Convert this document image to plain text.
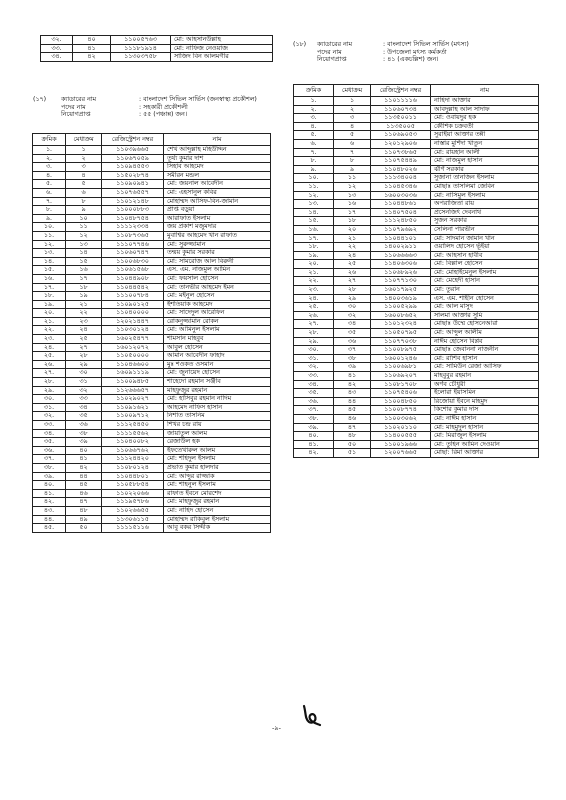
৩২.	৪০	১১০০৫৭৬৩	মো: আহসানউল্লাহ
৩৩.	৪১	১১১৮১৯১৪	মো: নাফিজ নেওয়াজ
৩৪.	৪২	১১৩০৩৭৫৮	সাজিদ বিন আলমগীর
(১৮) ক্যাডারের নাম	: বাংলাদেশ সিভিল সার্ভিস (মৎস্য)
পদের নাম	: উপজেলা মৎস্য কর্মকর্তা
নিয়োগপ্রাপ্ত	: ৪১ (একচল্লিশ) জন।
(১৭) ক্যাডারের নাম	: বাংলাদেশ সিভিল সার্ভিস (জনস্বাস্থ্য প্রকৌশল)
পদের নাম	: সহকারী প্রকৌশলী
নিয়োগপ্রাপ্ত	: ৫৫ (পঞ্চান্ন) জন।
ক্রমিক	মেধাক্রম	রেজিস্ট্রেশন নম্বর	নাম
১.	১	১১০১১১১৬	নাহিদা আক্তার
২.	২	১১০৬০৭৩৪	আবদুল্লাহ আল সাদাফ
৩.	৩	১১৩৫০০১১	মো: ওবায়দুর হক
৪.	৪	১১৩৫০০৫	কৌশিক চক্রবর্তী
৫.	৫	১১০৬৯০৫৩	সুরাইয়া আক্তার তন্নী
৬.	৬	১২০১২৯০৬	নাস্তার মুর্শিদা খাতুন
৭.	৭	১১০৭৩৮৬৫	মো: রায়হান আলী
৮.	৮	১১০৭৫৪৪৯	মো: নাজমুল হাসান
৯.	৯	১১০৪৮০২৬	ঝঁর্ণি সরকার
১০.	১১	১১১৩৪০০৪	সুজানা তানজিন ইসলাম
১১.	১২	১১০৪৫৩৪৬	মোছাঃ তাসলিমা জেবিন
১২.	১৩	১৬০০৩০৩৬	মো: নাসিমুল ইসলাম
১৩.	১৬	১১০৪৪৮৬১	অপরাজিতা রায়
১৪.	১৭	১১৪০৭৫০৪	প্রসেনজিৎ দেবনাথ
১৫.	১৮	১১১২৪৮৫০	সুজন সরকার
১৬.	২০	১১০৭৯৬৯২	সেলিনা পারভীন
১৭.	২১	১১০৪৪১০১	মো: সাদমান জামান খান
১৮.	২২	১৪০০২৯১১	ওয়ালিদ হোসেন ভূঁইয়া
১৯.	২৪	১১০৬৬৬৬৩	মো: আহসান হাবীব
২০.	২৫	১১৪০৬৩০৬	মো: বিল্লাল হোসেন
২১.	২৬	১১০৬৮৯২৬	মো: মোহাইমেনুল ইসলাম
২২.	২৭	১১০৭৭১৩০	মো: মেহেদী হাসান
২৩.	২৮	১৬০১৭৯২৫	মো: তুরান
২৪.	২৯	১৪০০৩৬১৯	এস. এম. শাহীন হোসেন
২৫.	৩০	১১০০৫২৯৯	মো: আল মাসুদ
২৬.	৩২	১৬০০৮৬৫২	সালমা আক্তার সুমি
২৭.	৩৪	১১০১২৩২৪	মোছাঃ উম্মে হোসনেআরা
২৮.	৩৫	১১০৫০৭৯৫	মো: আব্দুল আলীম
২৯.	৩৬	১১০৭৭০৩৮	নাঈম হোসেন বিপ্লব
৩০.	৩৭	১১০০৮৯৭৫	মোছাঃ জেবাননা নাজনীন
৩১.	৩৮	১৬০০১২৪৬	মো: রাশিব হাসান
৩২.	৩৯	১১০০৬৯৮১	মো: সামিউন রেজা আসিফ
৩৩.	৪১	১১০৬৯২০৭	মাহবুবুর রহমান
৩৪.	৪২	১১০৮১৭০৮	অর্ণব চৌধুরী
৩৫.	৪৩	১১০৭৫৪০৬	ইলোরা ইয়াসমিন
৩৬.	৪৪	১১০০৪৮৫০	রিজোয়া ইবনে মাহমুদ
৩৭.	৪৫	১১০০৮৭৭৪	কিশোর কুমার দাস
৩৮.	৪৬	১১০০৩০৬২	মো: নাঈম হাসান
৩৯.	৪৭	১১০২০১১০	মো: মাহমুদুল হাসান
৪০.	৪৮	১১৪০০৫৫৫	মো: মিরাজুল ইসলাম
৪১.	৫০	১১০০১৯৬৬	মো: তুহিন আমিন দেওয়ান
৪২.	৫১	১২০০৭৬৬৫	মোছা: রিমা আক্তার
ক্রমিক	মেধাক্রম	রেজিস্ট্রেশন নম্বর	নাম
১.	১	১১০৩৯৬৬৫	শেখ আব্দুল্লাহ মহিউদ্দিন
২.	২	১১০৬৭০৫৯	তূর্য্য কুমার দাশ
৩.	৩	১১০৯৪৫৫৩	সিহাব আহমেদ
৪.	৪	১১৫০২৮৭৪	সমীরন মন্ডল
৫.	৫	১১০৯০৯৪১	মো: জয়নাল আবেদীন
৬.	৬	১১০৭৬৫৫৭	মো: এহসানুল কবির
৭.	৮	১১০১২১৪৮	মোহাম্মদ আসিফ-বিন-জামান
৮.	৯	১১০০০৮৮৩	প্রাপ্ত বড়ুয়া
৯.	১০	১১০৪৮৭৫৪	আরাফাত ইসলাম
১০.	১১	১১১১২৩৩৪	জয় প্রকাশ মজুমদার
১১.	১২	১১০৮৭৩৬৫	মুবাশ্বির আহমেদ খান রাফাত
১২.	১৩	১১১০৭৭৪৬	মো: সুরুজ্জামান
১৩.	১৪	১১০৬০৭৪৭	তন্ময় কুমার সরকার
১৪.	১৫	১১০০৬৮৩০	মো: সামরোজ আল বিরুনী
১৫.	১৬	১১০৬১৫৬৮	এস. এম. নাজমুল আমিন
১৬.	১৭	১১০৪৪৯০৮	মো: ফয়সাল হোসেন
১৭.	১৮	১১০৪৪৫৪২	মো: তানভীর আহমেদ ইমন
১৮.	১৯	১১১০০৭৮৪	মো: মইনুল হোসেন
১৯.	২১	১১০৯০১২৫	ইশতিয়াক আহমেদ
২০.	২২	১১০৪০০০০	মো: সাদেদুল আরেফিন
২১.	২৩	১২০২১৪৪৭	রোকনুজ্জামান রোকন
২২.	২৪	১১০৩০১২৪	মো: আমিনুল ইসলাম
২৩.	২৫	১৬০২৫৪৭৭	শামসান মাহবুব
২৪.	২৭	১৬০১২০৭২	আবুল হোসেন
২৫.	২৮	১১০৫০০০০	আমান আবেদীন ফাহাদ
২৬.	২৯	১১০৪৬৬০০	মুঃ শওকত ওসমান
২৭.	৩০	১৬০৯১১১৯	মো: জুনায়েদ হোসেন
২৮.	৩১	১১০০৯৪৮৫	শাহেদো রহমান সঞ্জীব
২৯.	৩২	১১২৬৬৬৫৭	মাহফুজুর রহমান
৩০.	৩৩	১১০২৯০২৭	মো: হাসিবুর রহমান নাদিম
৩১.	৩৪	১১০৯১৬২১	আহমেদ নাফিস হাসান
৩২.	৩৫	১১০০৯৭১২	নিশাত তাসনিম
৩৩.	৩৬	১১১২৫৪৫০	শিখর চন্দ্র রায়
৩৪.	৩৮	১১১১৫৫৬২	জায়াতুল আলম
৩৫.	৩৯	১১০৪০০৮২	রেজাউল হক
৩৬.	৪০	১১০৬৬৭৬২	ইফতেখারুল আলম
৩৭.	৪১	১১১২৪৪২০	মো: শহিদুল ইসলাম
৩৮.	৪২	১১০৮০১২৪	প্রভাত কুমার হালদার
৩৯.	৪৪	১১০৪৪৮০১	মো: আব্দুর রাজ্জাক
৪০.	৪৫	১১০৫৮৮৫৪	মো: শাহনুল ইসলাম
৪১.	৪৬	১১০২২০৬৬	রাফাত ইবনে মোরশেদ
৪২.	৪৭	১১১৯৫৭৮৬	মো: মাহফুজুর রহমান
৪৩.	৪৮	১১০২৬৬৫৫	মো: নাহিদ হোসেন
৪৪.	৪৯	১১৩০৬১১৫	মোহাম্মদ রাকিবুল ইসলাম
৪৫.	৫০	১১১১৫১১৬	আবু বকর সিদ্দীক
-৯-
